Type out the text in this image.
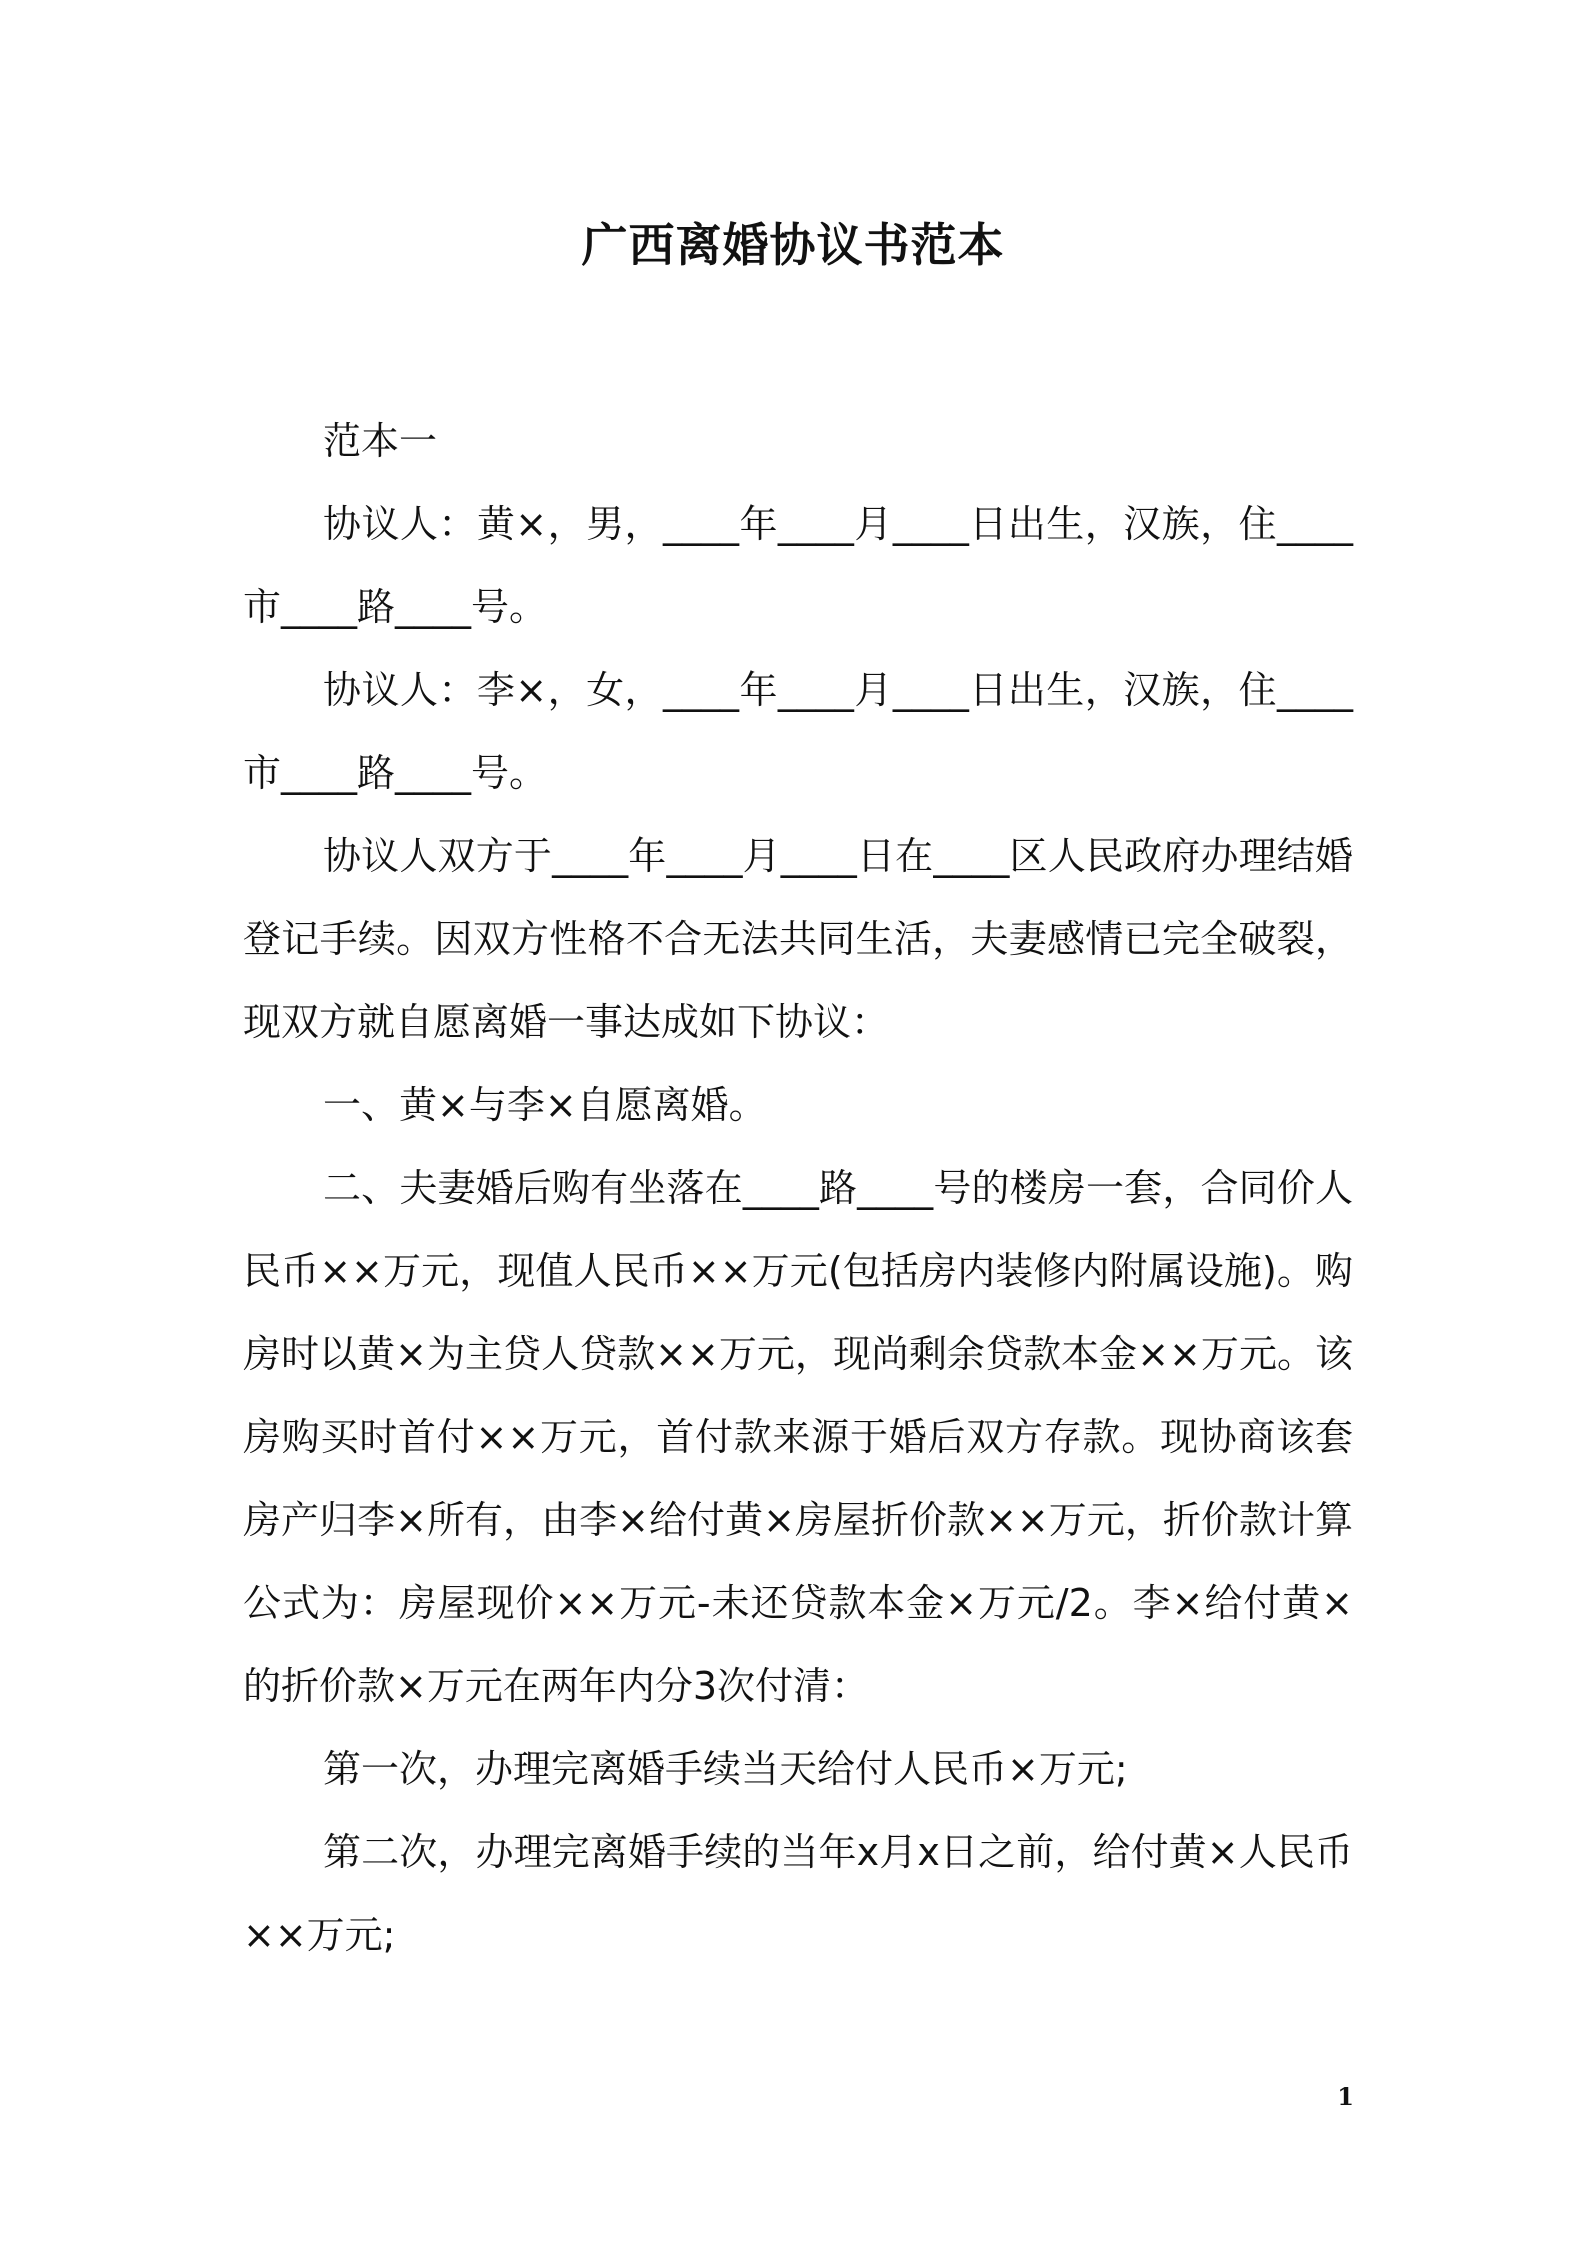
广西离婚协议书范本

范本一

协议人：黄×，男，____年____月____日出生，汉族，住____市____路____号。

协议人：李×，女，____年____月____日出生，汉族，住____市____路____号。

协议人双方于____年____月____日在____区人民政府办理结婚登记手续。因双方性格不合无法共同生活，夫妻感情已完全破裂，现双方就自愿离婚一事达成如下协议：

一、黄×与李×自愿离婚。

二、夫妻婚后购有坐落在____路____号的楼房一套，合同价人民币××万元，现值人民币××万元(包括房内装修内附属设施)。购房时以黄×为主贷人贷款××万元，现尚剩余贷款本金××万元。该房购买时首付××万元，首付款来源于婚后双方存款。现协商该套房产归李×所有，由李×给付黄×房屋折价款××万元，折价款计算公式为：房屋现价××万元-未还贷款本金×万元/2。李×给付黄×的折价款×万元在两年内分3次付清：

第一次，办理完离婚手续当天给付人民币×万元;

第二次，办理完离婚手续的当年x月x日之前，给付黄×人民币××万元;

1
